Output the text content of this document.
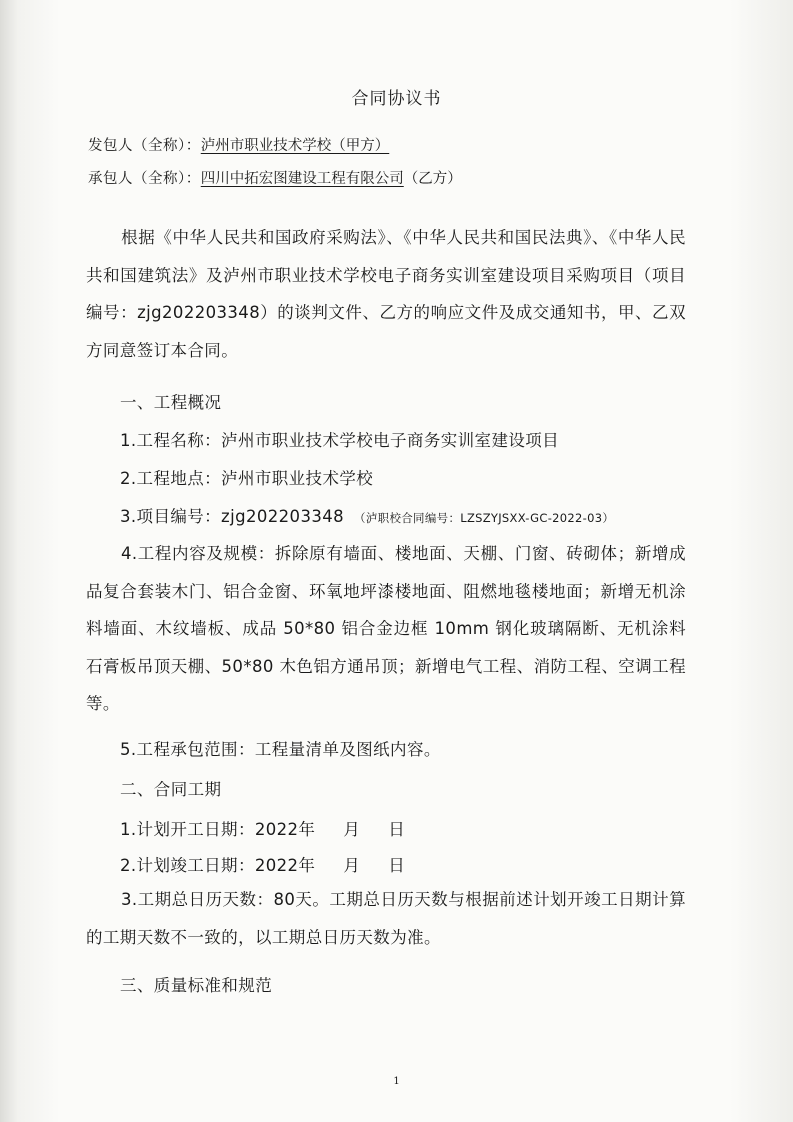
合同协议书
发包人（全称）：泸州市职业技术学校（甲方）
承包人（全称）：四川中拓宏图建设工程有限公司（乙方）
根据《中华人民共和国政府采购法》、《中华人民共和国民法典》、《中华人民共和国建筑法》及泸州市职业技术学校电子商务实训室建设项目采购项目（项目编号：zjg202203348）的谈判文件、乙方的响应文件及成交通知书，甲、乙双方同意签订本合同。
一、工程概况
1.工程名称：泸州市职业技术学校电子商务实训室建设项目
2.工程地点：泸州市职业技术学校
3.项目编号：zjg202203348 （泸职校合同编号：LZSZYJSXX-GC-2022-03）
4.工程内容及规模：拆除原有墙面、楼地面、天棚、门窗、砖砌体；新增成品复合套装木门、铝合金窗、环氧地坪漆楼地面、阻燃地毯楼地面；新增无机涂料墙面、木纹墙板、成品 50*80 铝合金边框 10mm 钢化玻璃隔断、无机涂料石膏板吊顶天棚、50*80 木色铝方通吊顶；新增电气工程、消防工程、空调工程等。
5.工程承包范围：工程量清单及图纸内容。
二、合同工期
1.计划开工日期：2022年 月 日
2.计划竣工日期：2022年 月 日
3.工期总日历天数：80天。工期总日历天数与根据前述计划开竣工日期计算的工期天数不一致的，以工期总日历天数为准。
三、质量标准和规范
1
